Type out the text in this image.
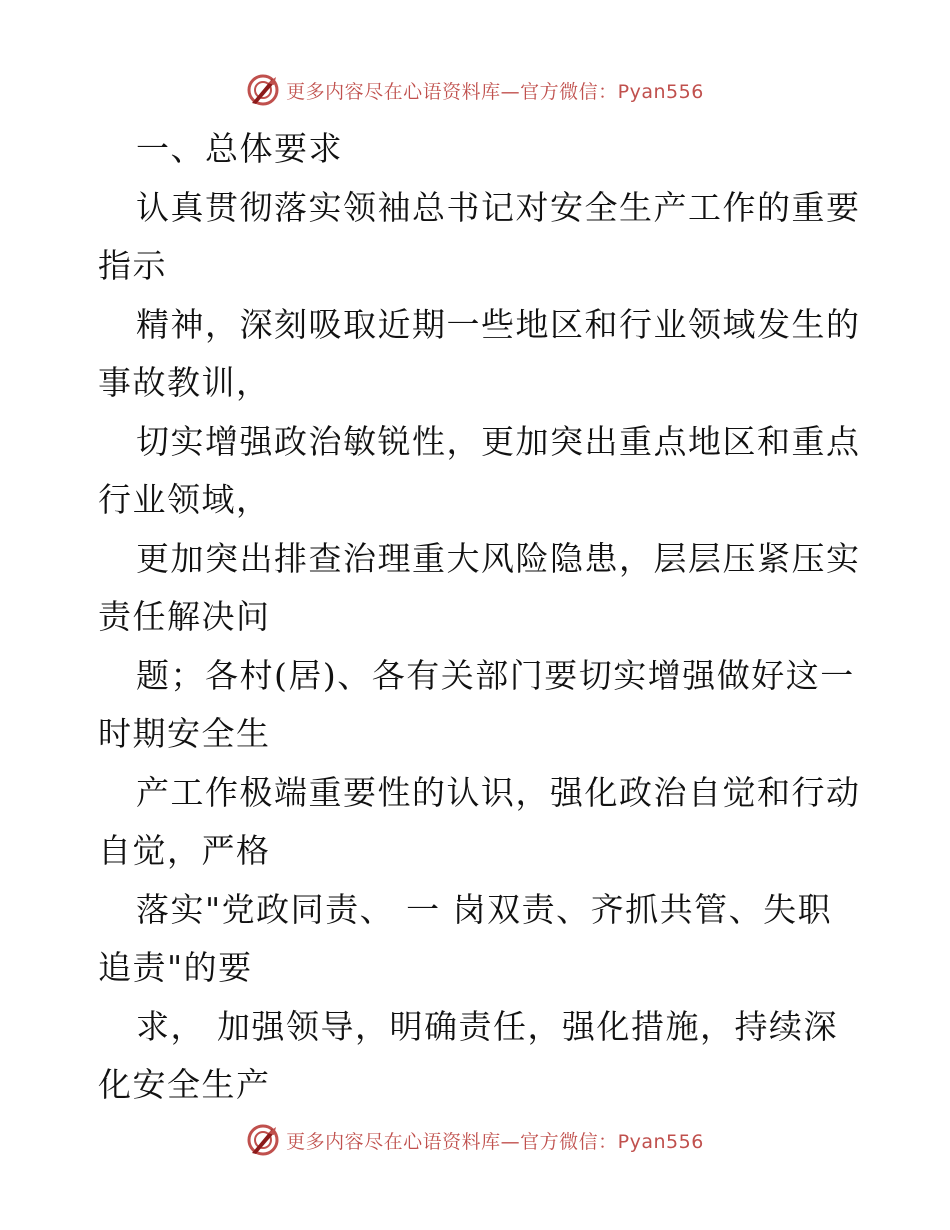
更多内容尽在心语资料库—官方微信：Pyan556
一、总体要求
认真贯彻落实领袖总书记对安全生产工作的重要
指示
精神，深刻吸取近期一些地区和行业领域发生的
事故教训，
切实增强政治敏锐性，更加突出重点地区和重点
行业领域，
更加突出排查治理重大风险隐患，层层压紧压实
责任解决问
题；各村(居)、各有关部门要切实增强做好这一
时期安全生
产工作极端重要性的认识，强化政治自觉和行动
自觉，严格
落实"党政同责、 一 岗双责、齐抓共管、失职
追责"的要
求， 加强领导，明确责任，强化措施，持续深
化安全生产
更多内容尽在心语资料库—官方微信：Pyan556
